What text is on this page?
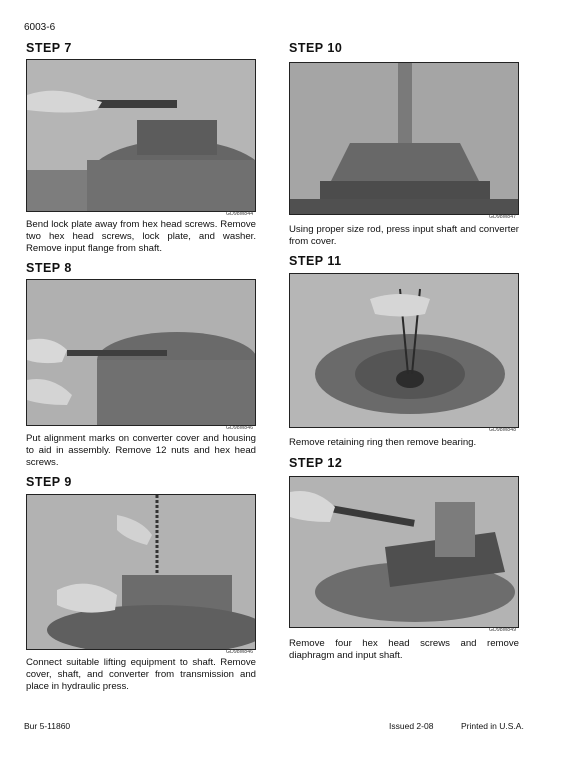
6003-6
STEP 7
GD98M844
Bend lock plate away from hex head screws. Remove two hex head screws, lock plate, and washer. Remove input flange from shaft.
STEP 8
GD98M846
Put alignment marks on converter cover and housing to aid in assembly. Remove 12 nuts and hex head screws.
STEP 9
GD98M846
Connect suitable lifting equipment to shaft. Remove cover, shaft, and converter from transmission and place in hydraulic press.
STEP 10
GD98M847
Using proper size rod, press input shaft and converter from cover.
STEP 11
GD98M848
Remove retaining ring then remove bearing.
STEP 12
GD98M849
Remove four hex head screws and remove diaphragm and input shaft.
Bur 5-11860	Issued 2-08	Printed in U.S.A.
